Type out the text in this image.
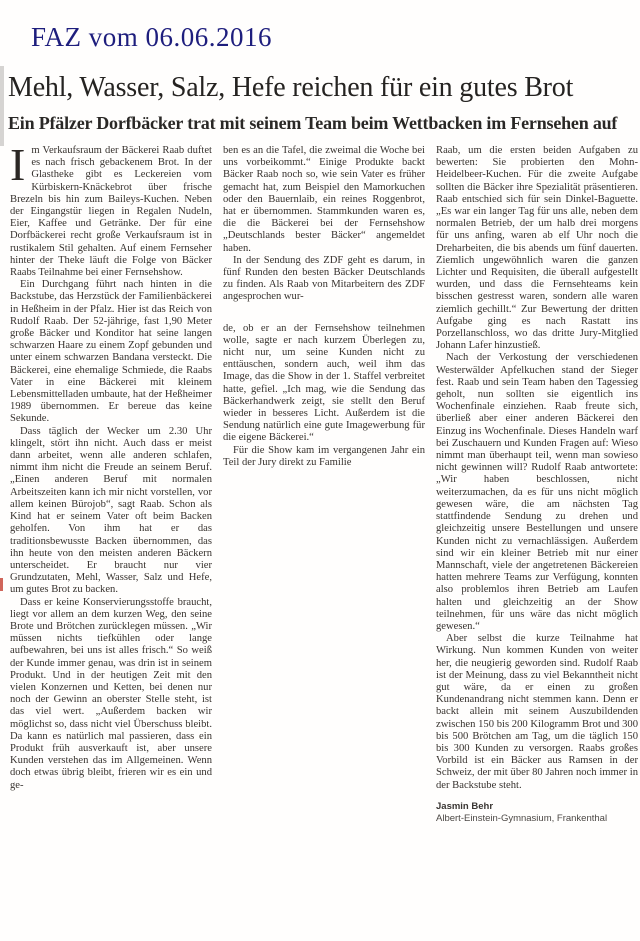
FAZ vom 06.06.2016
Mehl, Wasser, Salz, Hefe reichen für ein gutes Brot
Ein Pfälzer Dorfbäcker trat mit seinem Team beim Wettbacken im Fernsehen auf

Im Verkaufsraum der Bäckerei Raab duftet es nach frisch gebackenem Brot. In der Glastheke gibt es Leckereien vom Kürbiskern-Knäckebrot über frische Brezeln bis hin zum Baileys-Kuchen. Neben der Eingangstür liegen in Regalen Nudeln, Eier, Kaffee und Getränke. Der für eine Dorfbäckerei recht große Verkaufsraum ist in rustikalem Stil gehalten. Auf einem Fernseher hinter der Theke läuft die Folge von Bäcker Raabs Teilnahme bei einer Fernsehshow.

Ein Durchgang führt nach hinten in die Backstube, das Herzstück der Familienbäckerei in Heßheim in der Pfalz. Hier ist das Reich von Rudolf Raab. Der 52-jährige, fast 1,90 Meter große Bäcker und Konditor hat seine langen schwarzen Haare zu einem Zopf gebunden und unter einem schwarzen Bandana versteckt. Die Bäckerei, eine ehemalige Schmiede, die Raabs Vater in eine Bäckerei mit kleinem Lebensmittelladen umbaute, hat der Heßheimer 1989 übernommen. Er bereue das keine Sekunde.

Dass täglich der Wecker um 2.30 Uhr klingelt, stört ihn nicht. Auch dass er meist dann arbeitet, wenn alle anderen schlafen, nimmt ihm nicht die Freude an seinem Beruf. „Einen anderen Beruf mit normalen Arbeitszeiten kann ich mir nicht vorstellen, vor allem keinen Bürojob“, sagt Raab. Schon als Kind hat er seinem Vater oft beim Backen geholfen. Von ihm hat er das traditionsbewusste Backen übernommen, das ihn heute von den meisten anderen Bäckern unterscheidet. Er braucht nur vier Grundzutaten, Mehl, Wasser, Salz und Hefe, um gutes Brot zu backen.

Dass er keine Konservierungsstoffe braucht, liegt vor allem an dem kurzen Weg, den seine Brote und Brötchen zurücklegen müssen. „Wir müssen nichts tiefkühlen oder lange aufbewahren, bei uns ist alles frisch.“ So weiß der Kunde immer genau, was drin ist in seinem Produkt. Und in der heutigen Zeit mit den vielen Konzernen und Ketten, bei denen nur noch der Gewinn an oberster Stelle steht, ist das viel wert. „Außerdem backen wir möglichst so, dass nicht viel Überschuss bleibt. Da kann es natürlich mal passieren, dass ein Produkt früh ausverkauft ist, aber unsere Kunden verstehen das im Allgemeinen. Wenn doch etwas übrig bleibt, frieren wir es ein und ge-

ben es an die Tafel, die zweimal die Woche bei uns vorbeikommt.“ Einige Produkte backt Bäcker Raab noch so, wie sein Vater es früher gemacht hat, zum Beispiel den Mamorkuchen oder den Bauernlaib, ein reines Roggenbrot, hat er übernommen. Stammkunden waren es, die die Bäckerei bei der Fernsehshow „Deutschlands bester Bäcker“ angemeldet haben.

In der Sendung des ZDF geht es darum, in fünf Runden den besten Bäcker Deutschlands zu finden. Als Raab von Mitarbeitern des ZDF angesprochen wur-

de, ob er an der Fernsehshow teilnehmen wolle, sagte er nach kurzem Überlegen zu, nicht nur, um seine Kunden nicht zu enttäuschen, sondern auch, weil ihm das Image, das die Show in der 1. Staffel verbreitet hatte, gefiel. „Ich mag, wie die Sendung das Bäckerhandwerk zeigt, sie stellt den Beruf wieder in besseres Licht. Außerdem ist die Sendung natürlich eine gute Imagewerbung für die eigene Bäckerei.“

Für die Show kam im vergangenen Jahr ein Teil der Jury direkt zu Familie

Raab, um die ersten beiden Aufgaben zu bewerten: Sie probierten den Mohn-Heidelbeer-Kuchen. Für die zweite Aufgabe sollten die Bäcker ihre Spezialität präsentieren. Raab entschied sich für sein Dinkel-Baguette. „Es war ein langer Tag für uns alle, neben dem normalen Betrieb, der um halb drei morgens für uns anfing, waren ab elf Uhr noch die Dreharbeiten, die bis abends um fünf dauerten. Ziemlich ungewöhnlich waren die ganzen Lichter und Requisiten, die überall aufgestellt wurden, und dass die Fernsehteams kein bisschen gestresst waren, sondern alle waren ziemlich gechillt.“ Zur Bewertung der dritten Aufgabe ging es nach Rastatt ins Porzellanschloss, wo das dritte Jury-Mitglied Johann Lafer hinzustieß.

Nach der Verkostung der verschiedenen Westerwälder Apfelkuchen stand der Sieger fest. Raab und sein Team haben den Tagessieg geholt, nun sollten sie eigentlich ins Wochenfinale einziehen. Raab freute sich, überließ aber einer anderen Bäckerei den Einzug ins Wochenfinale. Dieses Handeln warf bei Zuschauern und Kunden Fragen auf: Wieso nimmt man überhaupt teil, wenn man sowieso nicht gewinnen will? Rudolf Raab antwortete: „Wir haben beschlossen, nicht weiterzumachen, da es für uns nicht möglich gewesen wäre, die am nächsten Tag stattfindende Sendung zu drehen und gleichzeitig unsere Bestellungen und unsere Kunden nicht zu vernachlässigen. Außerdem sind wir ein kleiner Betrieb mit nur einer Mannschaft, viele der angetretenen Bäckereien hatten mehrere Teams zur Verfügung, konnten also problemlos ihren Betrieb am Laufen halten und gleichzeitig an der Show teilnehmen, für uns wäre das nicht möglich gewesen.“

Aber selbst die kurze Teilnahme hat Wirkung. Nun kommen Kunden von weiter her, die neugierig geworden sind. Rudolf Raab ist der Meinung, dass zu viel Bekanntheit nicht gut wäre, da er einen zu großen Kundenandrang nicht stemmen kann. Denn er backt allein mit seinem Auszubildenden zwischen 150 bis 200 Kilogramm Brot und 300 bis 500 Brötchen am Tag, um die täglich 150 bis 300 Kunden zu versorgen. Raabs großes Vorbild ist ein Bäcker aus Ramsen in der Schweiz, der mit über 80 Jahren noch immer in der Backstube steht.

Jasmin Behr
Albert-Einstein-Gymnasium, Frankenthal
